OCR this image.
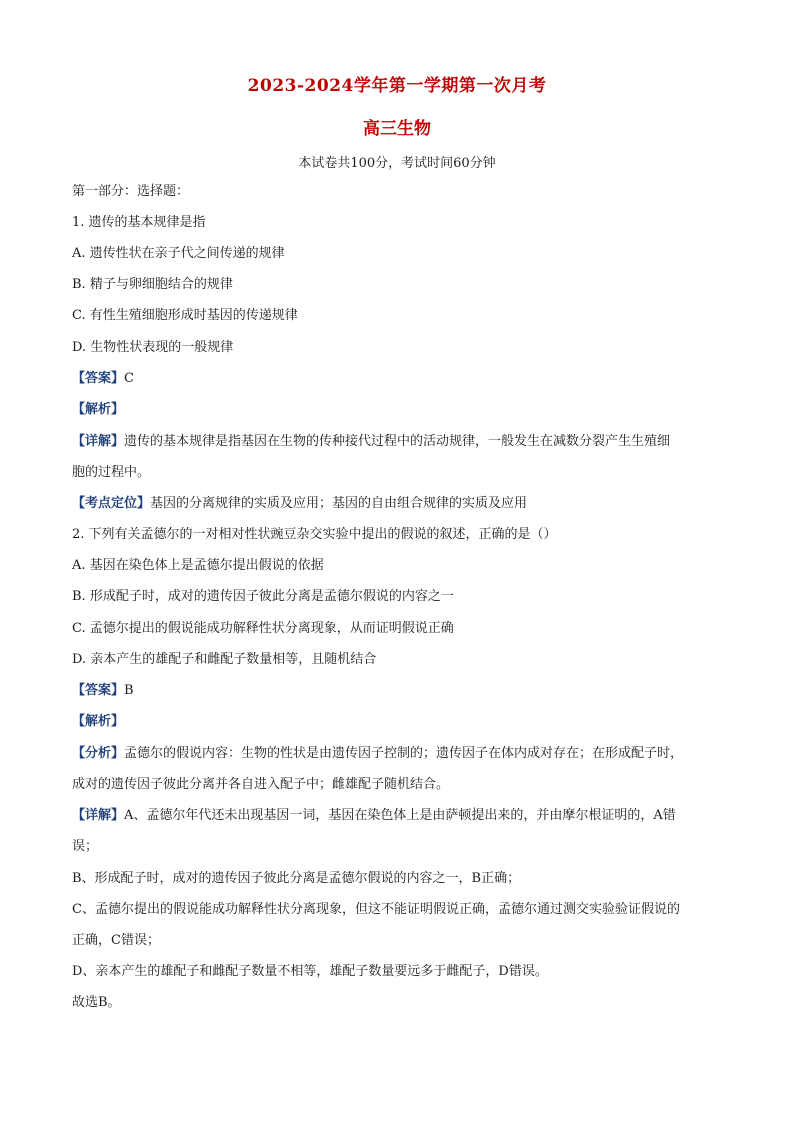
2023-2024学年第一学期第一次月考
高三生物
本试卷共100分，考试时间60分钟
第一部分：选择题：
1. 遗传的基本规律是指
A. 遗传性状在亲子代之间传递的规律
B. 精子与卵细胞结合的规律
C. 有性生殖细胞形成时基因的传递规律
D. 生物性状表现的一般规律
【答案】C
【解析】
【详解】遗传的基本规律是指基因在生物的传种接代过程中的活动规律，一般发生在减数分裂产生生殖细
胞的过程中。
【考点定位】基因的分离规律的实质及应用；基因的自由组合规律的实质及应用
2. 下列有关孟德尔的一对相对性状豌豆杂交实验中提出的假说的叙述，正确的是（）
A. 基因在染色体上是孟德尔提出假说的依据
B. 形成配子时，成对的遗传因子彼此分离是孟德尔假说的内容之一
C. 孟德尔提出的假说能成功解释性状分离现象，从而证明假说正确
D. 亲本产生的雄配子和雌配子数量相等，且随机结合
【答案】B
【解析】
【分析】孟德尔的假说内容：生物的性状是由遗传因子控制的；遗传因子在体内成对存在；在形成配子时，
成对的遗传因子彼此分离并各自进入配子中；雌雄配子随机结合。
【详解】A、孟德尔年代还未出现基因一词，基因在染色体上是由萨顿提出来的，并由摩尔根证明的，A错
误；
B、形成配子时，成对的遗传因子彼此分离是孟德尔假说的内容之一，B正确；
C、孟德尔提出的假说能成功解释性状分离现象，但这不能证明假说正确，孟德尔通过测交实验验证假说的
正确，C错误；
D、亲本产生的雄配子和雌配子数量不相等，雄配子数量要远多于雌配子，D错误。
故选B。
